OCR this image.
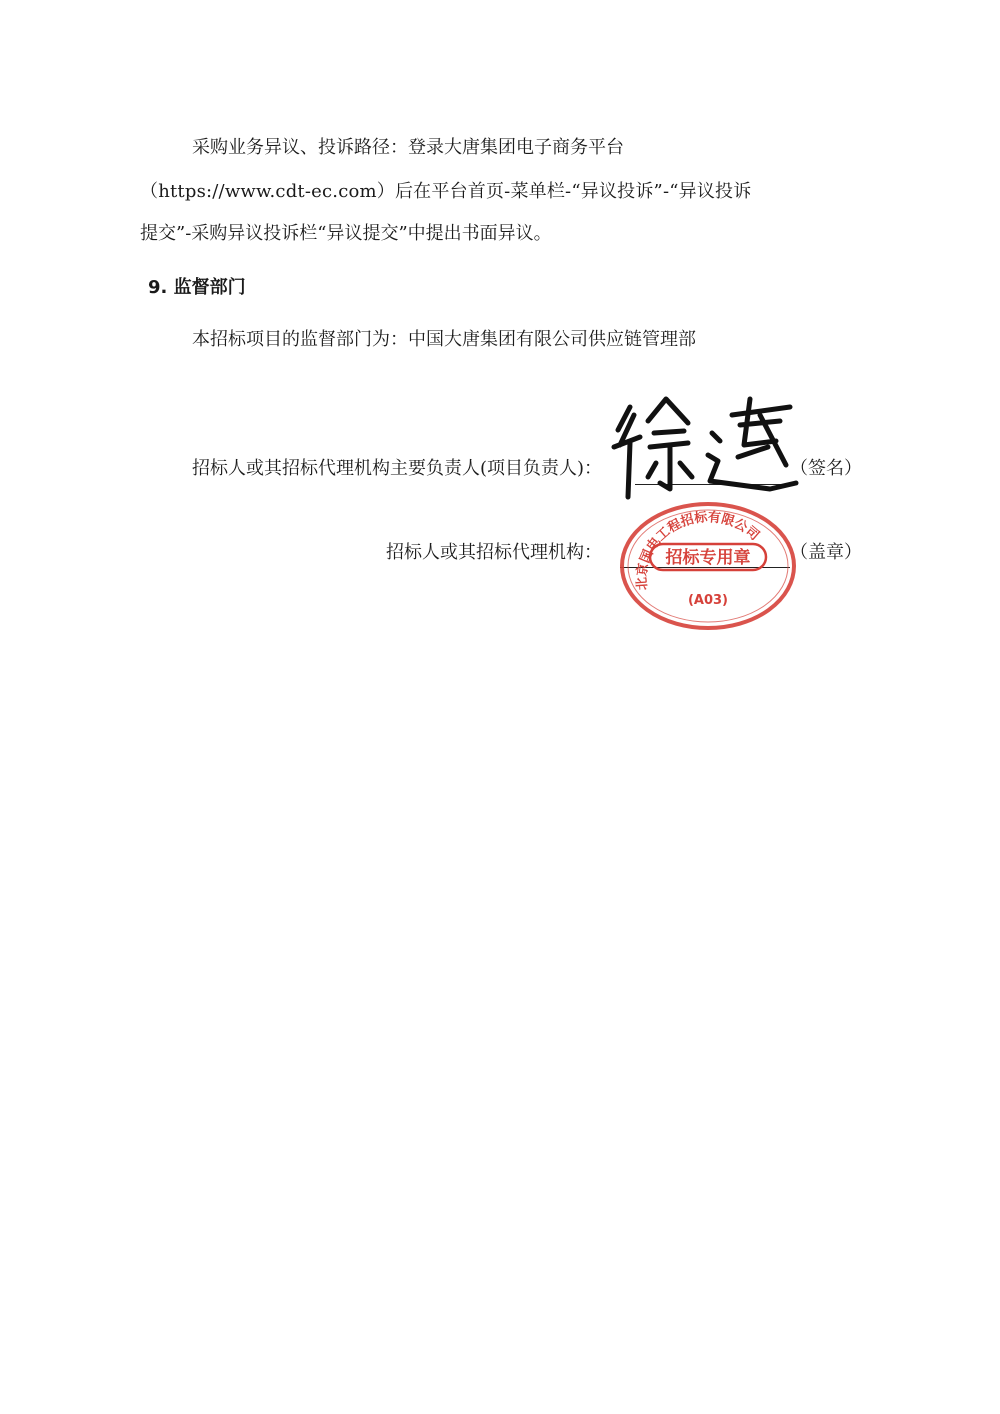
采购业务异议、投诉路径：登录大唐集团电子商务平台
（https://www.cdt-ec.com）后在平台首页-菜单栏-“异议投诉”-“异议投诉
提交”-采购异议投诉栏“异议提交”中提出书面异议。
9. 监督部门
本招标项目的监督部门为：中国大唐集团有限公司供应链管理部
招标人或其招标代理机构主要负责人(项目负责人)：	（签名）
招标人或其招标代理机构：	（盖章）
北京国电工程招标有限公司
招标专用章
(A03)
